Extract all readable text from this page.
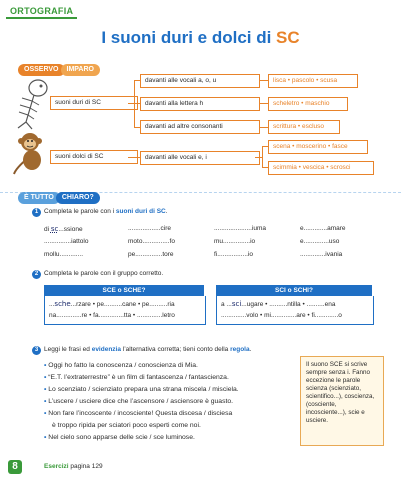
ORTOGRAFIA
I suoni duri e dolci di SC
OSSERVO IMPARO
suoni duri di SC
davanti alle vocali a, o, u
davanti alla lettera h
davanti ad altre consonanti
lisca • pascolo • scusa
scheletro • maschio
scrittura • escluso
suoni dolci di SC	davanti alle vocali e, i
scena • moscerino • fasce
scimmia • vescica • scrosci
È TUTTO CHIARO?
1 Completa le parole con i suoni duri di SC.
di sc...ssione	..................cire	.....................iuma	e.............amare
...............iattolo	moto...............fo	mu...............io	e..............uso
mollu.............	pe...............tore	fi.................io	..............ivania
2 Completa le parole con il gruppo corretto.
SCE o SCHE?
...sche...rzare • pe..........cane • pe..........ria
na..............re • fa..............tta • ..............letro
SCI o SCHI?
a ...sci...ugare • ..........ntilla • ..........ena
..............volo • mi..............are • fi.............o
3 Leggi le frasi ed evidenzia l’alternativa corretta; tieni conto della regola.
• Oggi ho fatto la conoscenza / conoscienza di Mia.
• “E.T. l’extraterrestre” è un film di fantascenza / fantascienza.
• Lo scenziato / scienziato prepara una strana miscela / misciela.
• L’uscere / usciere dice che l’ascensore / asciensore è guasto.
• Non fare l’incoscente / incosciente! Questa discesa / disciesa
è troppo ripida per sciatori poco esperti come noi.
• Nel cielo sono apparse delle scie / sce luminose.
Il suono SCE si scrive sempre senza i. Fanno eccezione le parole scienza (scienziato, scientifico...), coscienza, (cosciente, incosciente...), scie e usciere.
8	Esercizi pagina 129
